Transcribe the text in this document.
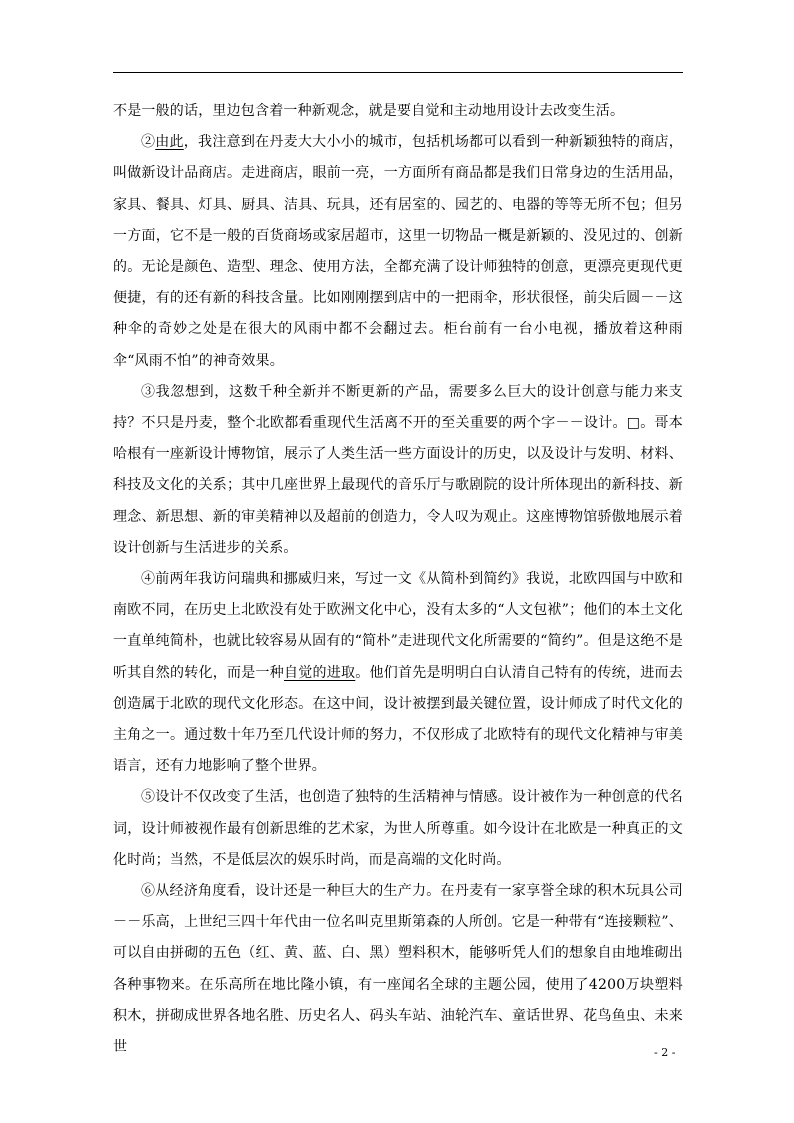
不是一般的话，里边包含着一种新观念，就是要自觉和主动地用设计去改变生活。

②由此，我注意到在丹麦大大小小的城市，包括机场都可以看到一种新颖独特的商店，叫做新设计品商店。走进商店，眼前一亮，一方面所有商品都是我们日常身边的生活用品，家具、餐具、灯具、厨具、洁具、玩具，还有居室的、园艺的、电器的等等无所不包；但另一方面，它不是一般的百货商场或家居超市，这里一切物品一概是新颖的、没见过的、创新的。无论是颜色、造型、理念、使用方法，全都充满了设计师独特的创意，更漂亮更现代更便捷，有的还有新的科技含量。比如刚刚摆到店中的一把雨伞，形状很怪，前尖后圆－－这种伞的奇妙之处是在很大的风雨中都不会翻过去。柜台前有一台小电视，播放着这种雨伞“风雨不怕”的神奇效果。

③我忽想到，这数千种全新并不断更新的产品，需要多么巨大的设计创意与能力来支持？不只是丹麦，整个北欧都看重现代生活离不开的至关重要的两个字－－设计。□。哥本哈根有一座新设计博物馆，展示了人类生活一些方面设计的历史，以及设计与发明、材料、科技及文化的关系；其中几座世界上最现代的音乐厅与歌剧院的设计所体现出的新科技、新理念、新思想、新的审美精神以及超前的创造力，令人叹为观止。这座博物馆骄傲地展示着设计创新与生活进步的关系。

④前两年我访问瑞典和挪威归来，写过一文《从简朴到简约》我说，北欧四国与中欧和南欧不同，在历史上北欧没有处于欧洲文化中心，没有太多的“人文包袱”；他们的本土文化一直单纯简朴，也就比较容易从固有的“简朴”走进现代文化所需要的“简约”。但是这绝不是听其自然的转化，而是一种自觉的进取。他们首先是明明白白认清自己特有的传统，进而去创造属于北欧的现代文化形态。在这中间，设计被摆到最关键位置，设计师成了时代文化的主角之一。通过数十年乃至几代设计师的努力，不仅形成了北欧特有的现代文化精神与审美语言，还有力地影响了整个世界。

⑤设计不仅改变了生活，也创造了独特的生活精神与情感。设计被作为一种创意的代名词，设计师被视作最有创新思维的艺术家，为世人所尊重。如今设计在北欧是一种真正的文化时尚；当然，不是低层次的娱乐时尚，而是高端的文化时尚。

⑥从经济角度看，设计还是一种巨大的生产力。在丹麦有一家享誉全球的积木玩具公司－－乐高，上世纪三四十年代由一位名叫克里斯第森的人所创。它是一种带有“连接颗粒”、可以自由拼砌的五色（红、黄、蓝、白、黑）塑料积木，能够听凭人们的想象自由地堆砌出各种事物来。在乐高所在地比隆小镇，有一座闻名全球的主题公园，使用了4200万块塑料积木，拼砌成世界各地名胜、历史名人、码头车站、油轮汽车、童话世界、花鸟鱼虫、未来世	- 2 -
